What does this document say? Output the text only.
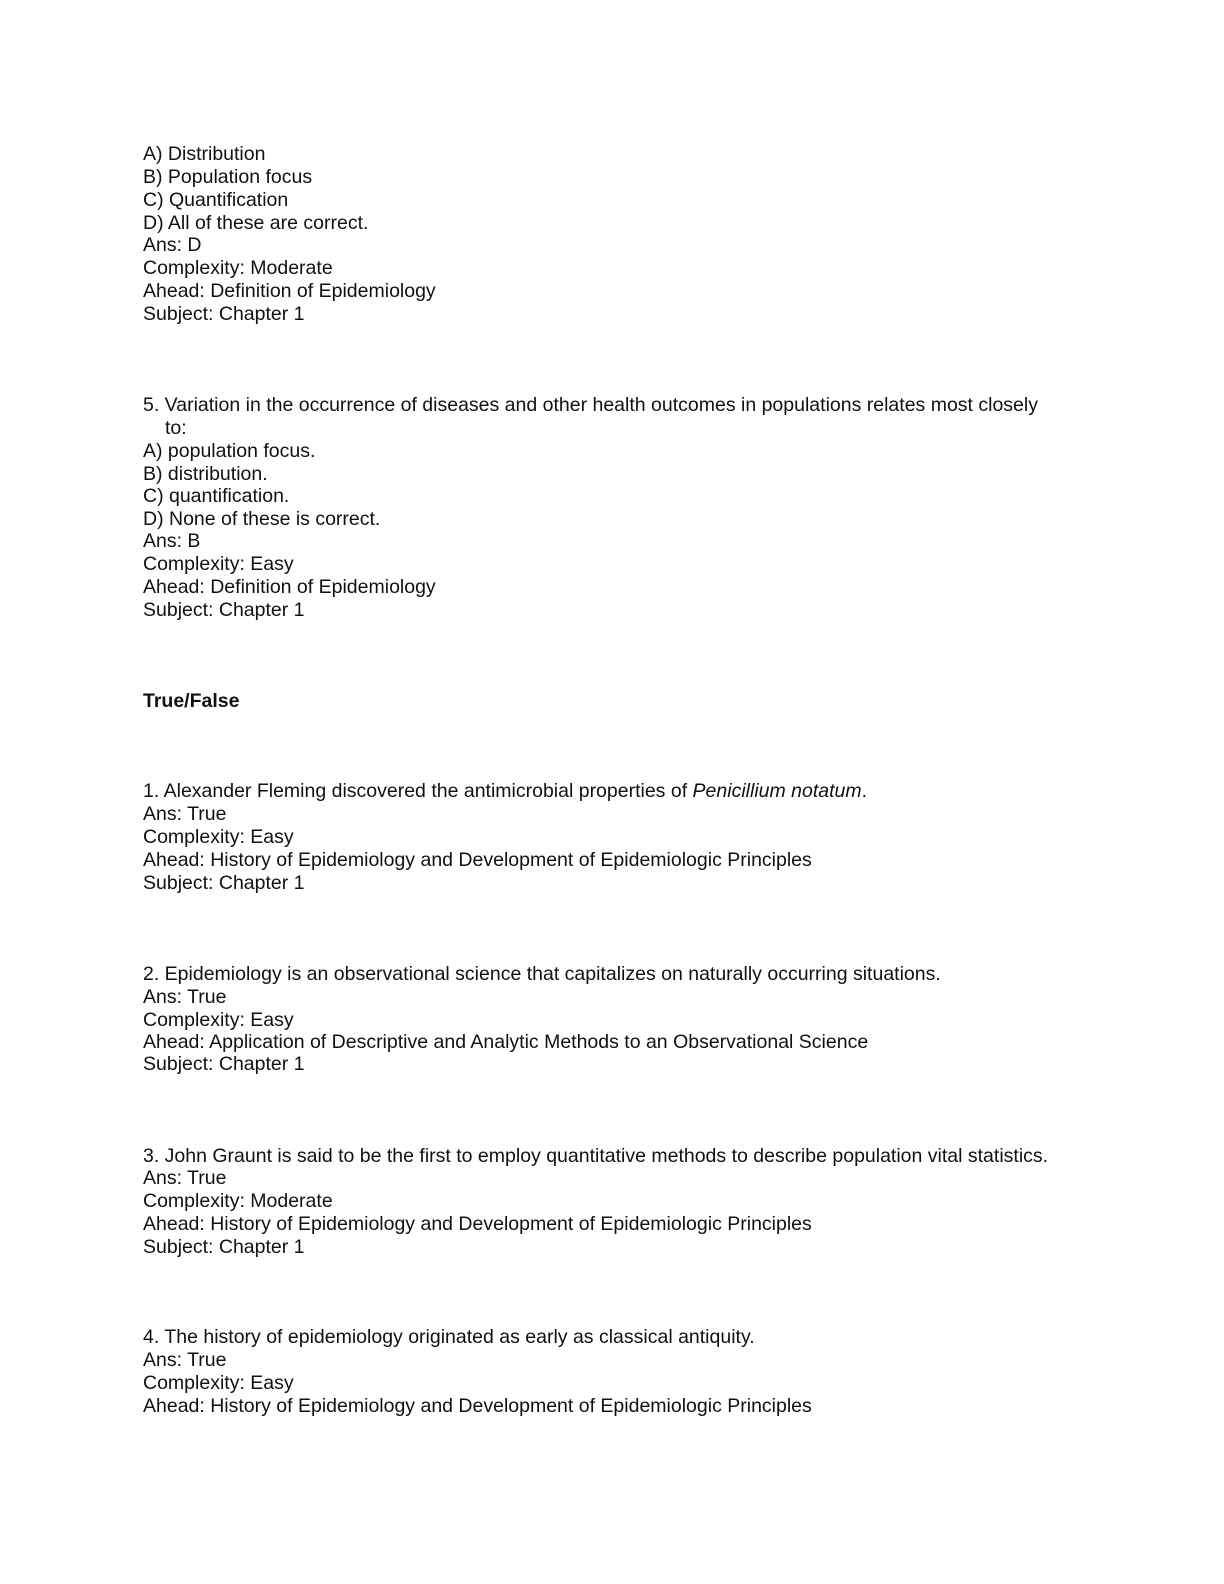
A) Distribution
B) Population focus
C) Quantification
D) All of these are correct.
Ans: D
Complexity: Moderate
Ahead: Definition of Epidemiology
Subject: Chapter 1
5. Variation in the occurrence of diseases and other health outcomes in populations relates most closely
to:
A) population focus.
B) distribution.
C) quantification.
D) None of these is correct.
Ans: B
Complexity: Easy
Ahead: Definition of Epidemiology
Subject: Chapter 1
True/False
1. Alexander Fleming discovered the antimicrobial properties of Penicillium notatum.
Ans: True
Complexity: Easy
Ahead: History of Epidemiology and Development of Epidemiologic Principles
Subject: Chapter 1
2. Epidemiology is an observational science that capitalizes on naturally occurring situations.
Ans: True
Complexity: Easy
Ahead: Application of Descriptive and Analytic Methods to an Observational Science
Subject: Chapter 1
3. John Graunt is said to be the first to employ quantitative methods to describe population vital statistics.
Ans: True
Complexity: Moderate
Ahead: History of Epidemiology and Development of Epidemiologic Principles
Subject: Chapter 1
4. The history of epidemiology originated as early as classical antiquity.
Ans: True
Complexity: Easy
Ahead: History of Epidemiology and Development of Epidemiologic Principles
